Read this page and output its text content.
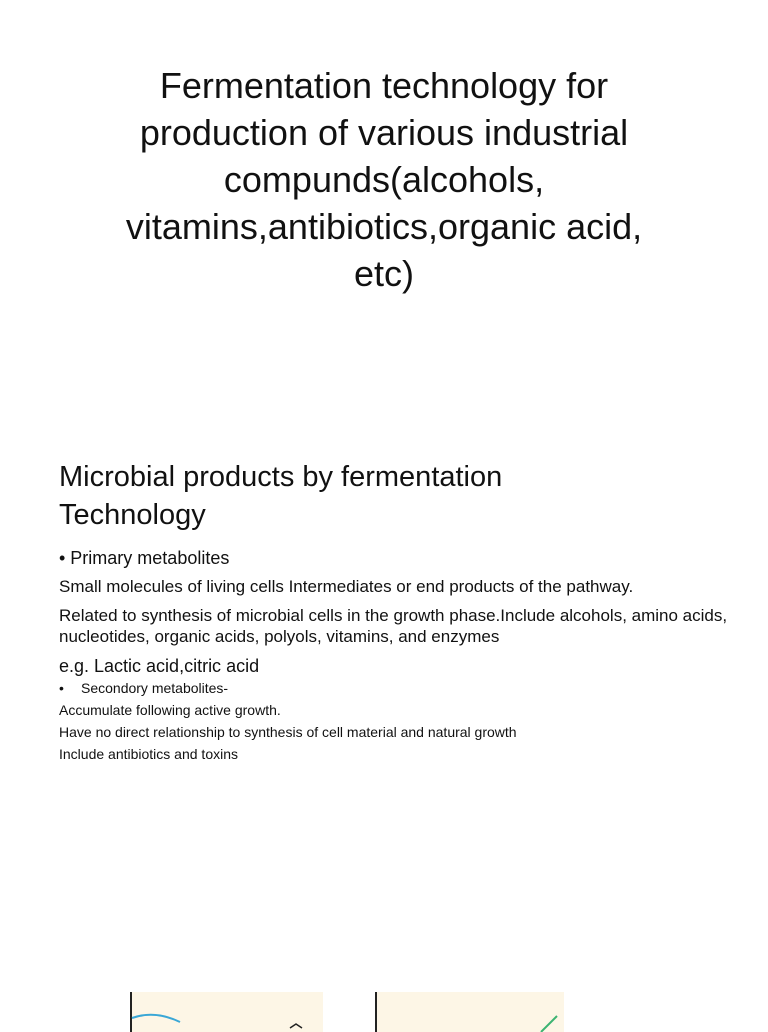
Fermentation technology for
production of various industrial
compunds(alcohols,
vitamins,antibiotics,organic acid,
etc)
Microbial products by fermentation
Technology

• Primary metabolites

Small molecules of living cells Intermediates or end products of the pathway.

Related to synthesis of microbial cells in the growth phase.Include alcohols, amino acids, nucleotides, organic acids, polyols, vitamins, and enzymes

e.g. Lactic acid,citric acid

• Secondory metabolites-

Accumulate following active growth.

Have no direct relationship to synthesis of cell material and natural growth

Include antibiotics and toxins
